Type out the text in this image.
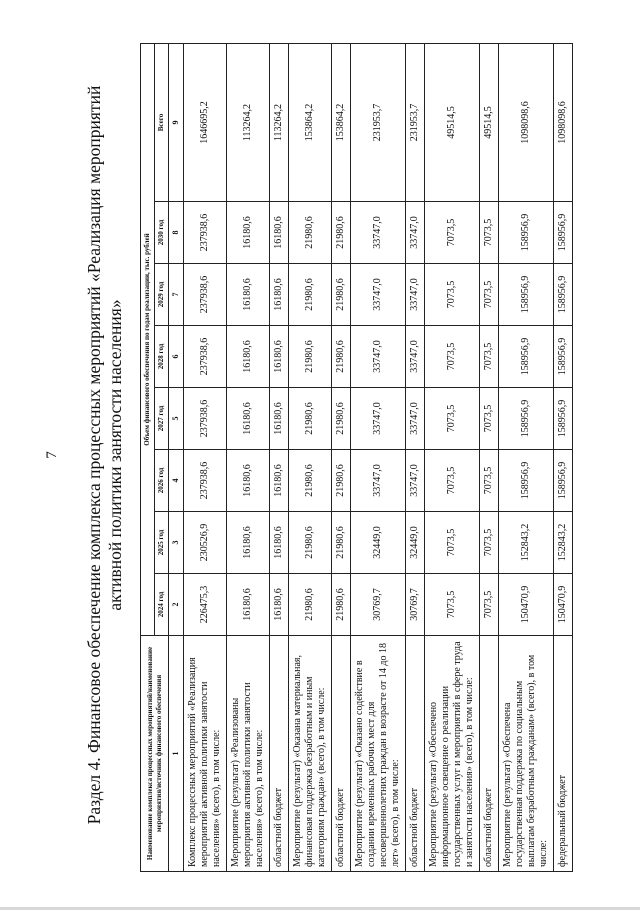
7 Раздел 4. Финансовое обеспечение комплекса процессных мероприятий «Реализация мероприятий активной политики занятости населения»
Наименование комплекса процессных мероприятий/наименование мероприятия/источник финансового обеспечения	Объем финансового обеспечения по годам реализации, тыс. рублей							
	2024 год	2025 год	2026 год	2027 год	2028 год	2029 год	2030 год	Всего
1	2	3	4	5	6	7	8	9
Комплекс процессных мероприятий «Реализация мероприятий активной политики занятости населения» (всего), в том числе:	226475,3	230526,9	237938,6	237938,6	237938,6	237938,6	237938,6	1646695,2
Мероприятие (результат) «Реализованы мероприятия активной политики занятости населения» (всего), в том числе:	16180,6	16180,6	16180,6	16180,6	16180,6	16180,6	16180,6	113264,2
областной бюджет	16180,6	16180,6	16180,6	16180,6	16180,6	16180,6	16180,6	113264,2
Мероприятие (результат) «Оказана материальная, финансовая поддержка безработным и иным категориям граждан» (всего), в том числе:	21980,6	21980,6	21980,6	21980,6	21980,6	21980,6	21980,6	153864,2
областной бюджет	21980,6	21980,6	21980,6	21980,6	21980,6	21980,6	21980,6	153864,2
Мероприятие (результат) «Оказано содействие в создании временных рабочих мест для несовершеннолетних граждан в возрасте от 14 до 18 лет» (всего), в том числе:	30769,7	32449,0	33747,0	33747,0	33747,0	33747,0	33747,0	231953,7
областной бюджет	30769,7	32449,0	33747,0	33747,0	33747,0	33747,0	33747,0	231953,7
Мероприятие (результат) «Обеспечено информационное освещение о реализации государственных услуг и мероприятий в сфере труда и занятости населения» (всего), в том числе:	7073,5	7073,5	7073,5	7073,5	7073,5	7073,5	7073,5	49514,5
областной бюджет	7073,5	7073,5	7073,5	7073,5	7073,5	7073,5	7073,5	49514,5
Мероприятие (результат) «Обеспечена государственная поддержка по социальным выплатам безработным гражданам» (всего), в том числе:	150470,9	152843,2	158956,9	158956,9	158956,9	158956,9	158956,9	1098098,6
федеральный бюджет	150470,9	152843,2	158956,9	158956,9	158956,9	158956,9	158956,9	1098098,6
